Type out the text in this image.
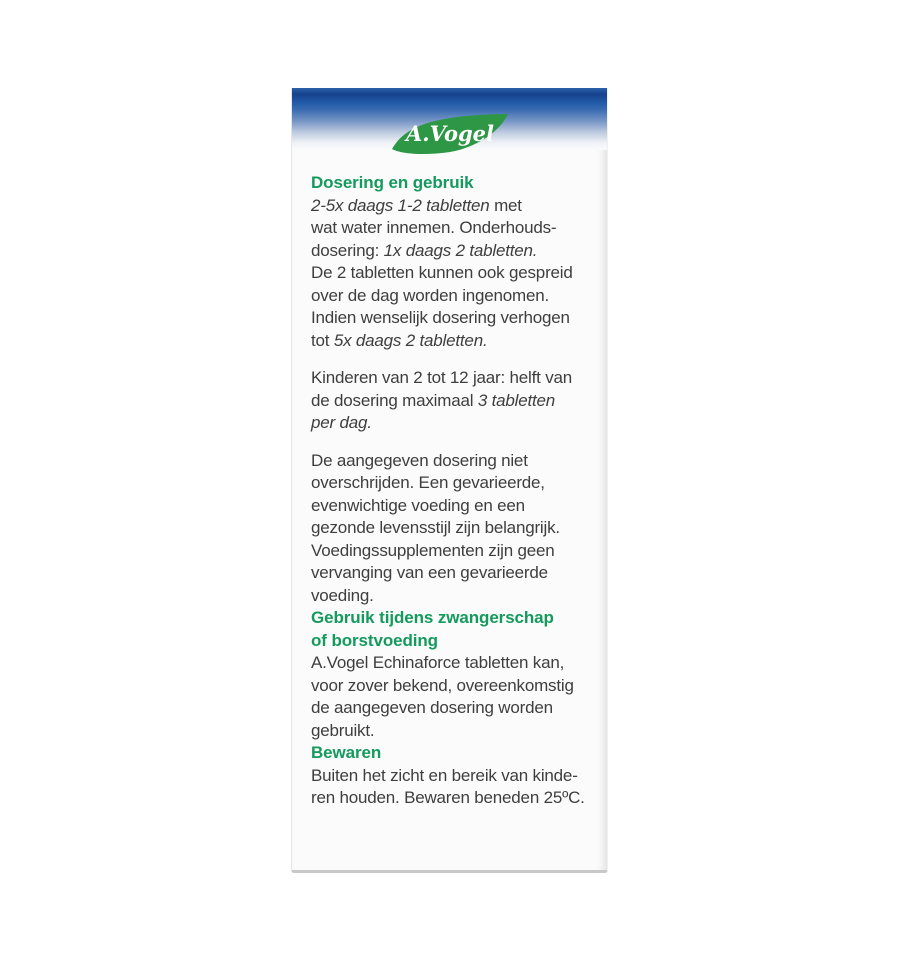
A.Vogel
Dosering en gebruik
2-5x daags 1-2 tabletten met
wat water innemen. Onderhouds-
dosering: 1x daags 2 tabletten.
De 2 tabletten kunnen ook gespreid
over de dag worden ingenomen.
Indien wenselijk dosering verhogen
tot 5x daags 2 tabletten.
Kinderen van 2 tot 12 jaar: helft van
de dosering maximaal 3 tabletten
per dag.
De aangegeven dosering niet
overschrijden. Een gevarieerde,
evenwichtige voeding en een
gezonde levensstijl zijn belangrijk.
Voedingssupplementen zijn geen
vervanging van een gevarieerde
voeding.
Gebruik tijdens zwangerschap
of borstvoeding
A.Vogel Echinaforce tabletten kan,
voor zover bekend, overeenkomstig
de aangegeven dosering worden
gebruikt.
Bewaren
Buiten het zicht en bereik van kinde-
ren houden. Bewaren beneden 25ºC.
